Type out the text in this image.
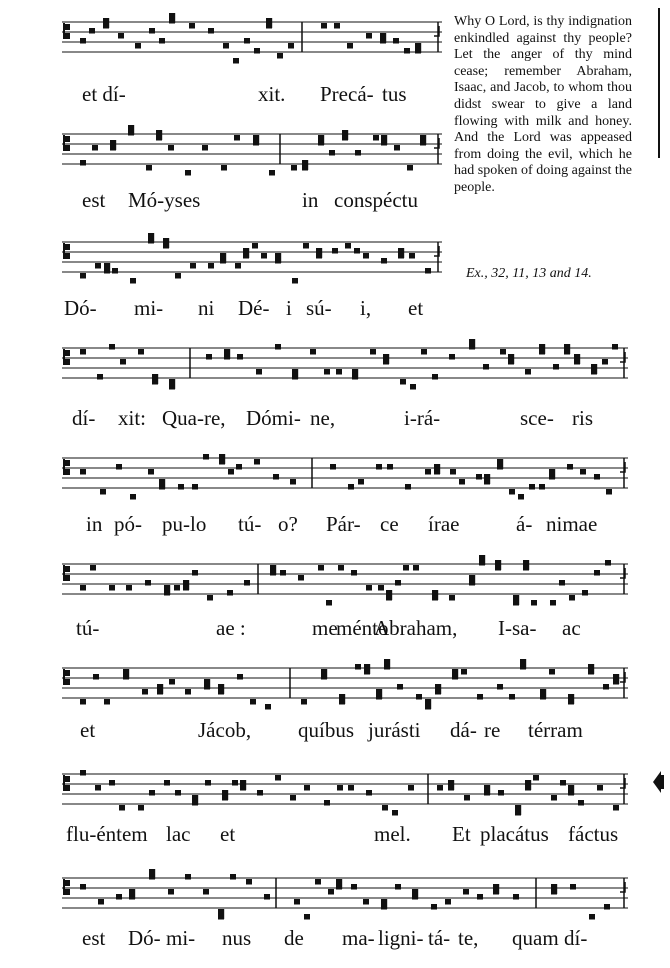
Why O Lord, is thy indignation enkindled against thy people? Let the anger of thy mind cease; remember Abraham, Isaac, and Jacob, to whom thou didst swear to give a land flowing with milk and honey. And the Lord was appeased from doing the evil, which he had spoken of doing against the people.
Ex., 32, 11, 13 and 14.
et dí-	xit. Precá- tus
est Mó-yses	in conspéctu
Dó- mi- ni Dé- i sú- i, et
dí- xit: Qua-re, Dómi- ne,	i-rá-	sce- ris
in pó- pu-lo tú- o? Pár- ce írae	á- nimae
tú-	ae :	me
ménto
Abraham, I-sa- ac
et	Jácob, quíbus jurásti dá- re térram
flu-éntem lac et	mel. Et placátus fáctus
est Dó- mi- nus de ma- ligni- tá- te, quam dí-
